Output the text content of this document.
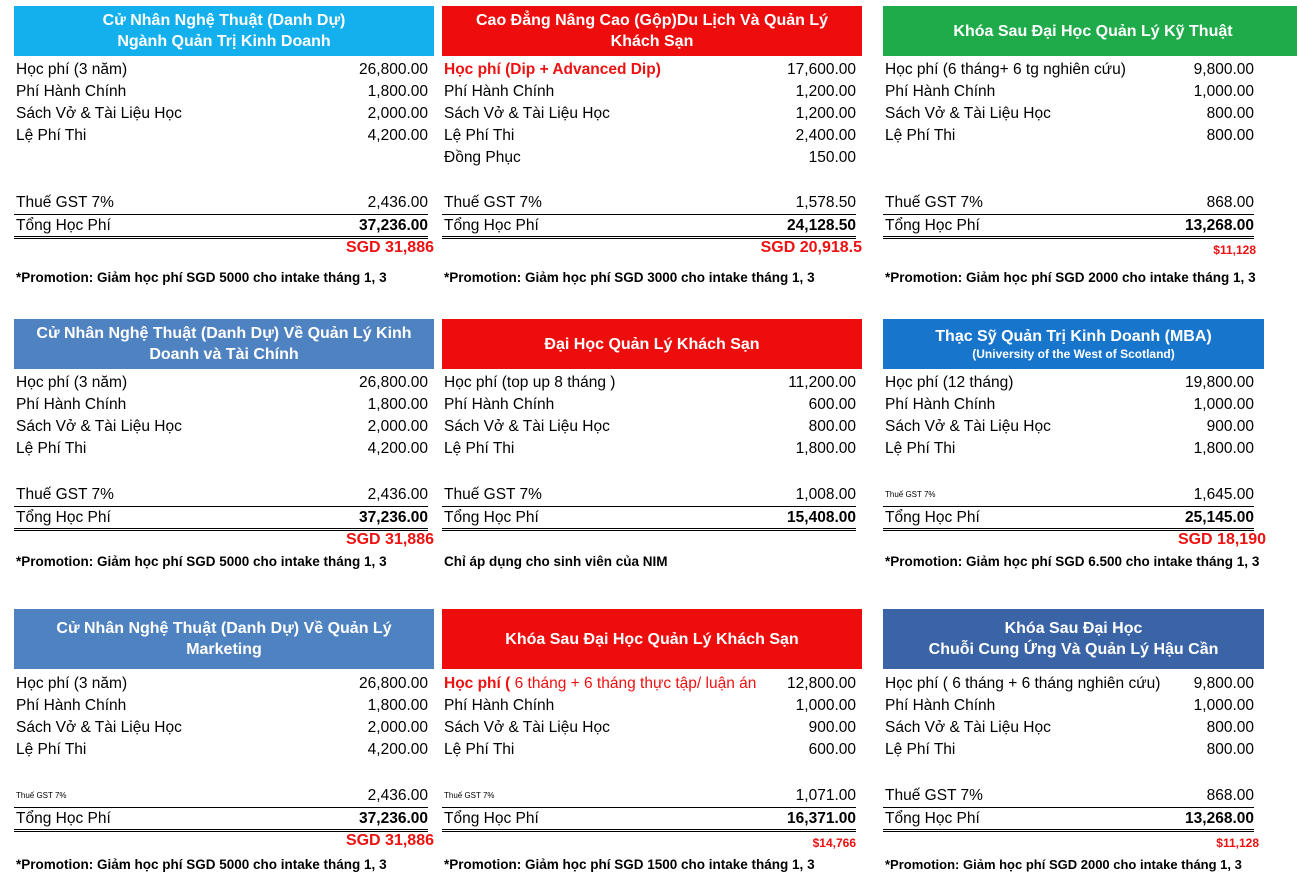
Cử Nhân Nghệ Thuật (Danh Dự)
Ngành Quản Trị Kinh Doanh
Học phí (3 năm)	26,800.00
Phí Hành Chính	1,800.00
Sách Vở & Tài Liệu Học	2,000.00
Lệ Phí Thi	4,200.00
Thuế GST 7%	2,436.00
Tổng Học Phí	37,236.00
SGD 31,886
*Promotion: Giảm học phí SGD 5000 cho intake tháng 1, 3
Cao Đẳng Nâng Cao (Gộp)Du Lịch Và Quản Lý
Khách Sạn
Học phí (Dip + Advanced Dip)	17,600.00
Phí Hành Chính	1,200.00
Sách Vở & Tài Liệu Học	1,200.00
Lệ Phí Thi	2,400.00
Đồng Phục	150.00
Thuế GST 7%	1,578.50
Tổng Học Phí	24,128.50
SGD 20,918.5
*Promotion: Giảm học phí SGD 3000 cho intake tháng 1, 3
Khóa Sau Đại Học Quản Lý Kỹ Thuật
Học phí (6 tháng+ 6 tg nghiên cứu)	9,800.00
Phí Hành Chính	1,000.00
Sách Vở & Tài Liệu Học	800.00
Lệ Phí Thi	800.00
Thuế GST 7%	868.00
Tổng Học Phí	13,268.00
$11,128
*Promotion: Giảm học phí SGD 2000 cho intake tháng 1, 3
Cử Nhân Nghệ Thuật (Danh Dự) Về Quản Lý Kinh
Doanh và Tài Chính
Học phí (3 năm)	26,800.00
Phí Hành Chính	1,800.00
Sách Vở & Tài Liệu Học	2,000.00
Lệ Phí Thi	4,200.00
Thuế GST 7%	2,436.00
Tổng Học Phí	37,236.00
SGD 31,886
*Promotion: Giảm học phí SGD 5000 cho intake tháng 1, 3
Đại Học Quản Lý Khách Sạn
Học phí (top up 8 tháng )	11,200.00
Phí Hành Chính	600.00
Sách Vở & Tài Liệu Học	800.00
Lệ Phí Thi	1,800.00
Thuế GST 7%	1,008.00
Tổng Học Phí	15,408.00
Chỉ áp dụng cho sinh viên của NIM
Thạc Sỹ Quản Trị Kinh Doanh (MBA)
(University of the West of Scotland)
Học phí (12 tháng)	19,800.00
Phí Hành Chính	1,000.00
Sách Vở & Tài Liệu Học	900.00
Lệ Phí Thi	1,800.00
Thuế GST 7%	1,645.00
Tổng Học Phí	25,145.00
SGD 18,190
*Promotion: Giảm học phí SGD 6.500 cho intake tháng 1, 3
Cử Nhân Nghệ Thuật (Danh Dự) Về Quản Lý
Marketing
Học phí (3 năm)	26,800.00
Phí Hành Chính	1,800.00
Sách Vở & Tài Liệu Học	2,000.00
Lệ Phí Thi	4,200.00
Thuế GST 7%	2,436.00
Tổng Học Phí	37,236.00
SGD 31,886
*Promotion: Giảm học phí SGD 5000 cho intake tháng 1, 3
Khóa Sau Đại Học Quản Lý Khách Sạn
Học phí ( 6 tháng + 6 tháng thực tập/ luận án 12,800.00
Phí Hành Chính	1,000.00
Sách Vở & Tài Liệu Học	900.00
Lệ Phí Thi	600.00
Thuế GST 7%	1,071.00
Tổng Học Phí	16,371.00
$14,766
*Promotion: Giảm học phí SGD 1500 cho intake tháng 1, 3
Khóa Sau Đại Học
Chuỗi Cung Ứng Và Quản Lý Hậu Cần
Học phí ( 6 tháng + 6 tháng nghiên cứu) 9,800.00
Phí Hành Chính	1,000.00
Sách Vở & Tài Liệu Học	800.00
Lệ Phí Thi	800.00
Thuế GST 7%	868.00
Tổng Học Phí	13,268.00
$11,128
*Promotion: Giảm học phí SGD 2000 cho intake tháng 1, 3
